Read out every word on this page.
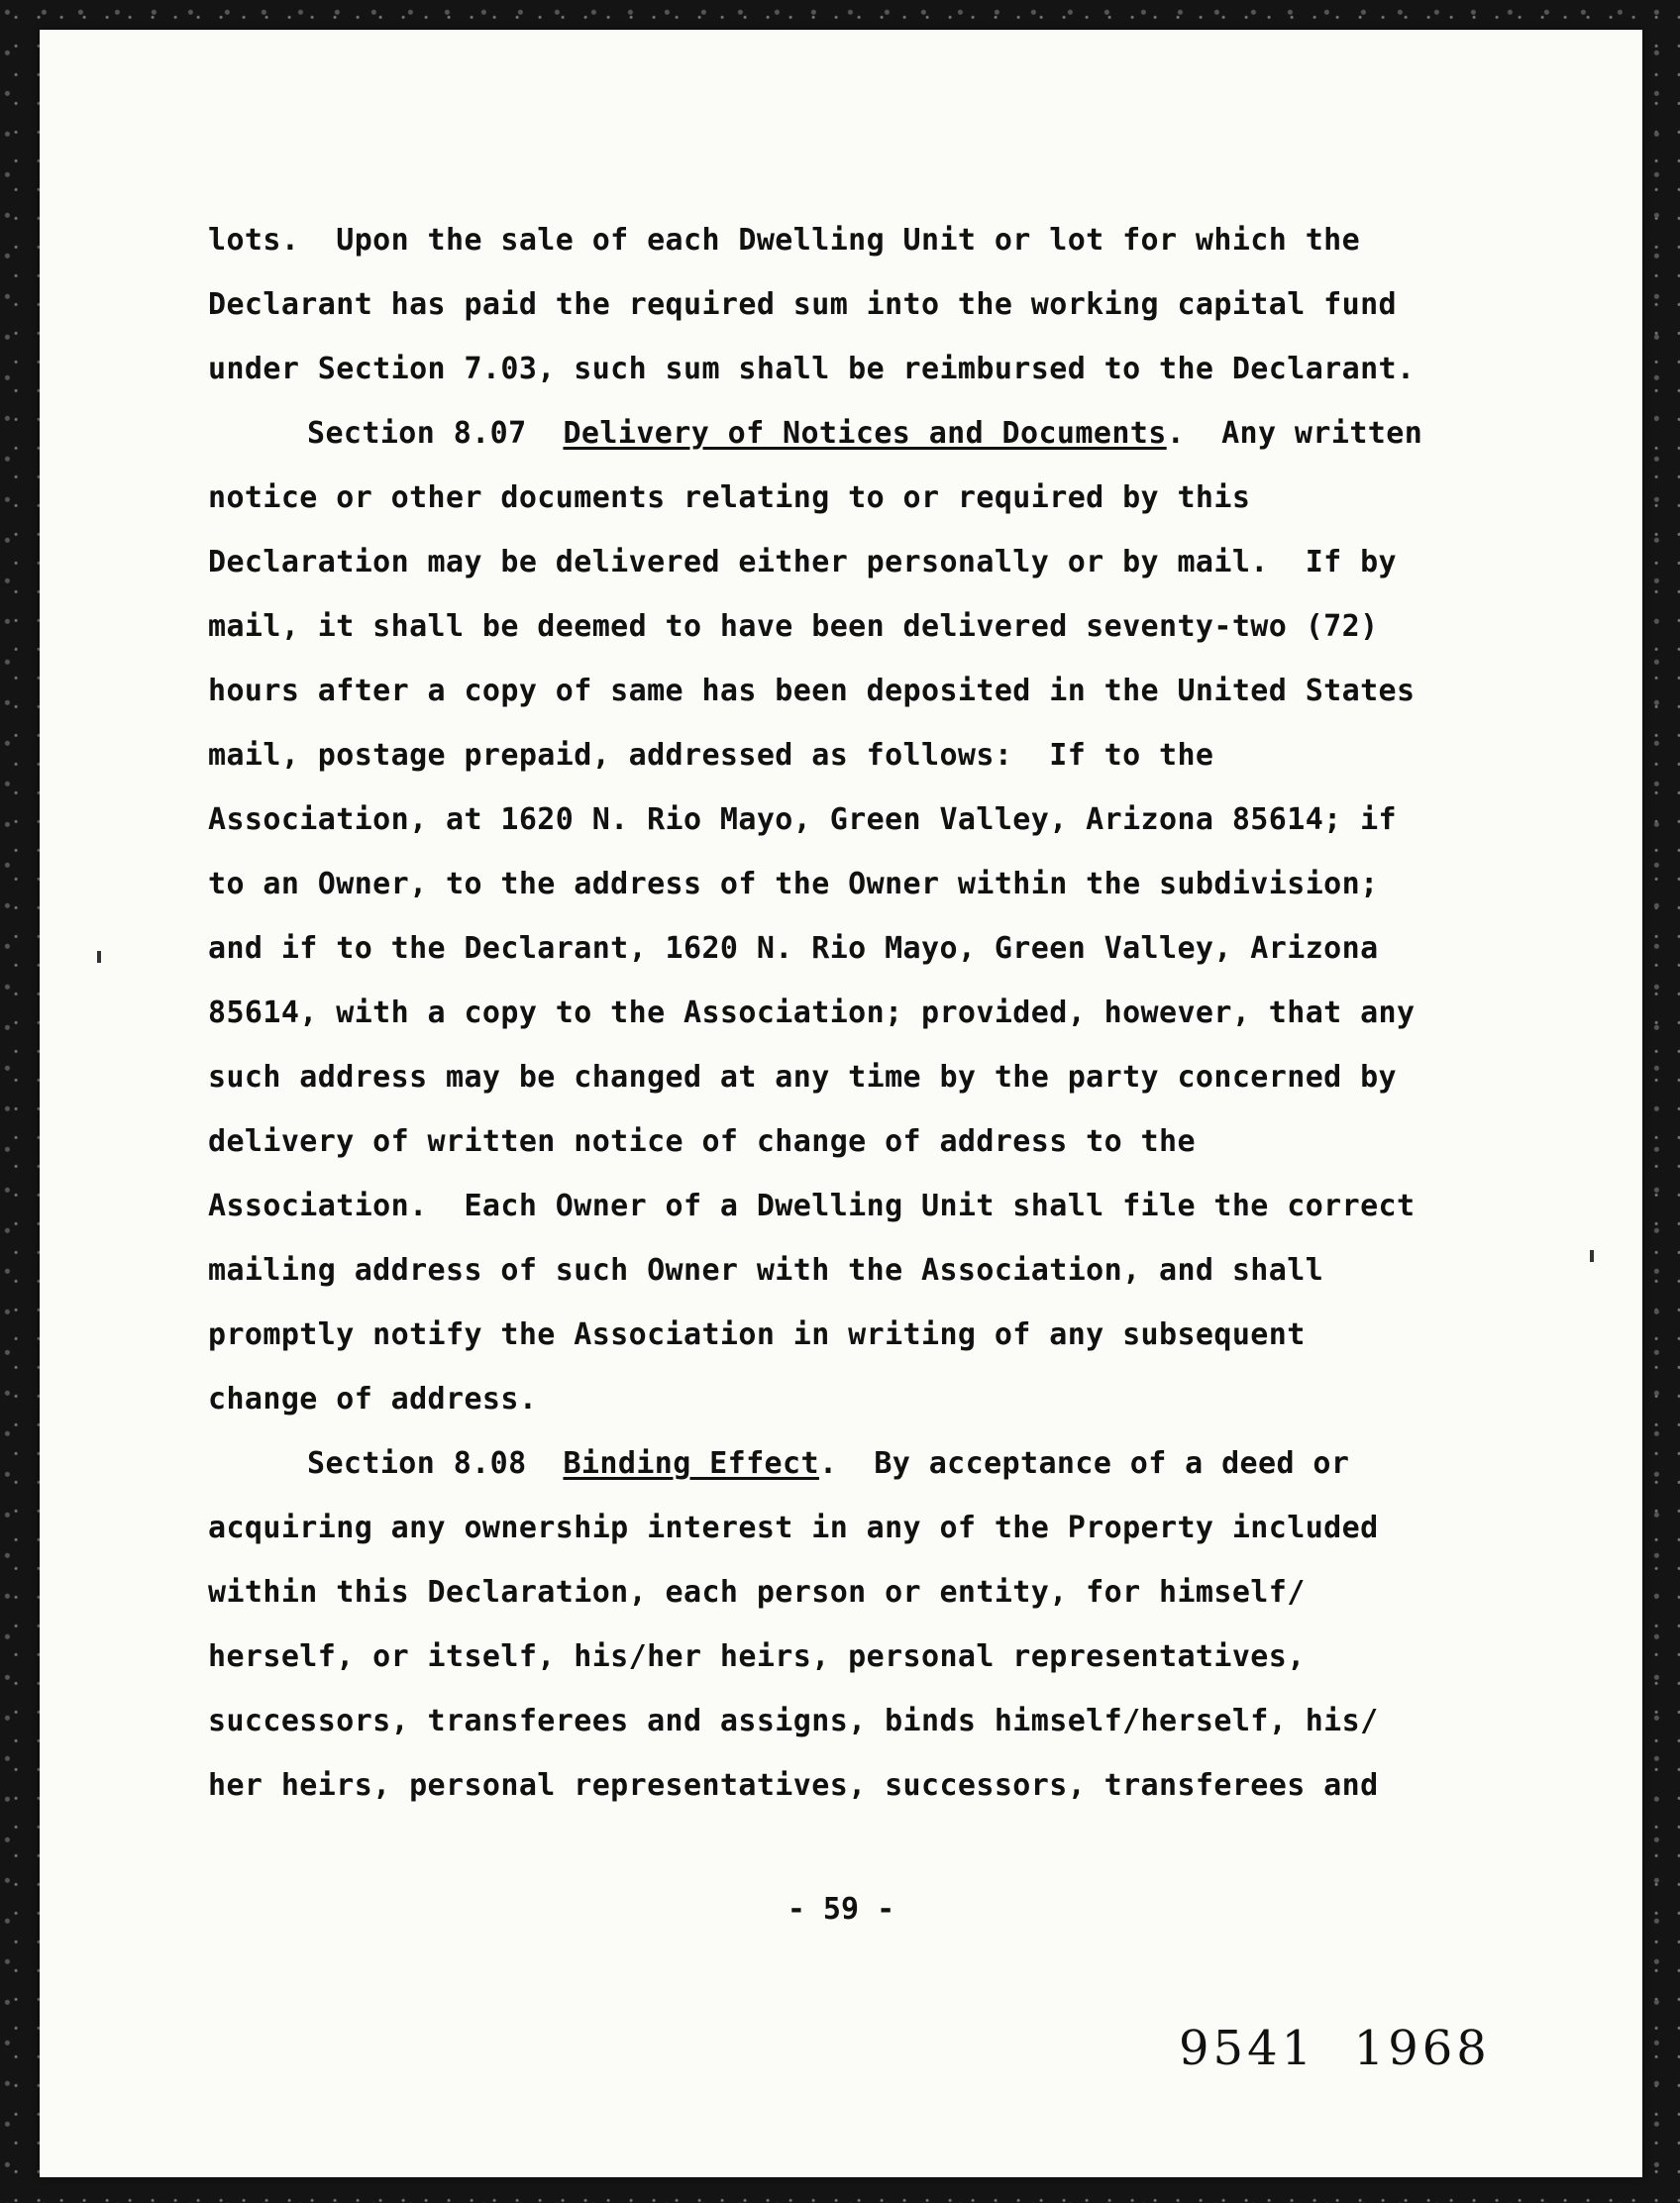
lots.  Upon the sale of each Dwelling Unit or lot for which the
Declarant has paid the required sum into the working capital fund
under Section 7.03, such sum shall be reimbursed to the Declarant.
Section 8.07  Delivery of Notices and Documents.  Any written
notice or other documents relating to or required by this
Declaration may be delivered either personally or by mail.  If by
mail, it shall be deemed to have been delivered seventy-two (72)
hours after a copy of same has been deposited in the United States
mail, postage prepaid, addressed as follows:  If to the
Association, at 1620 N. Rio Mayo, Green Valley, Arizona 85614; if
to an Owner, to the address of the Owner within the subdivision;
and if to the Declarant, 1620 N. Rio Mayo, Green Valley, Arizona
85614, with a copy to the Association; provided, however, that any
such address may be changed at any time by the party concerned by
delivery of written notice of change of address to the
Association.  Each Owner of a Dwelling Unit shall file the correct
mailing address of such Owner with the Association, and shall
promptly notify the Association in writing of any subsequent
change of address.
Section 8.08  Binding Effect.  By acceptance of a deed or
acquiring any ownership interest in any of the Property included
within this Declaration, each person or entity, for himself/
herself, or itself, his/her heirs, personal representatives,
successors, transferees and assigns, binds himself/herself, his/
her heirs, personal representatives, successors, transferees and
- 59 -
9541  1968
